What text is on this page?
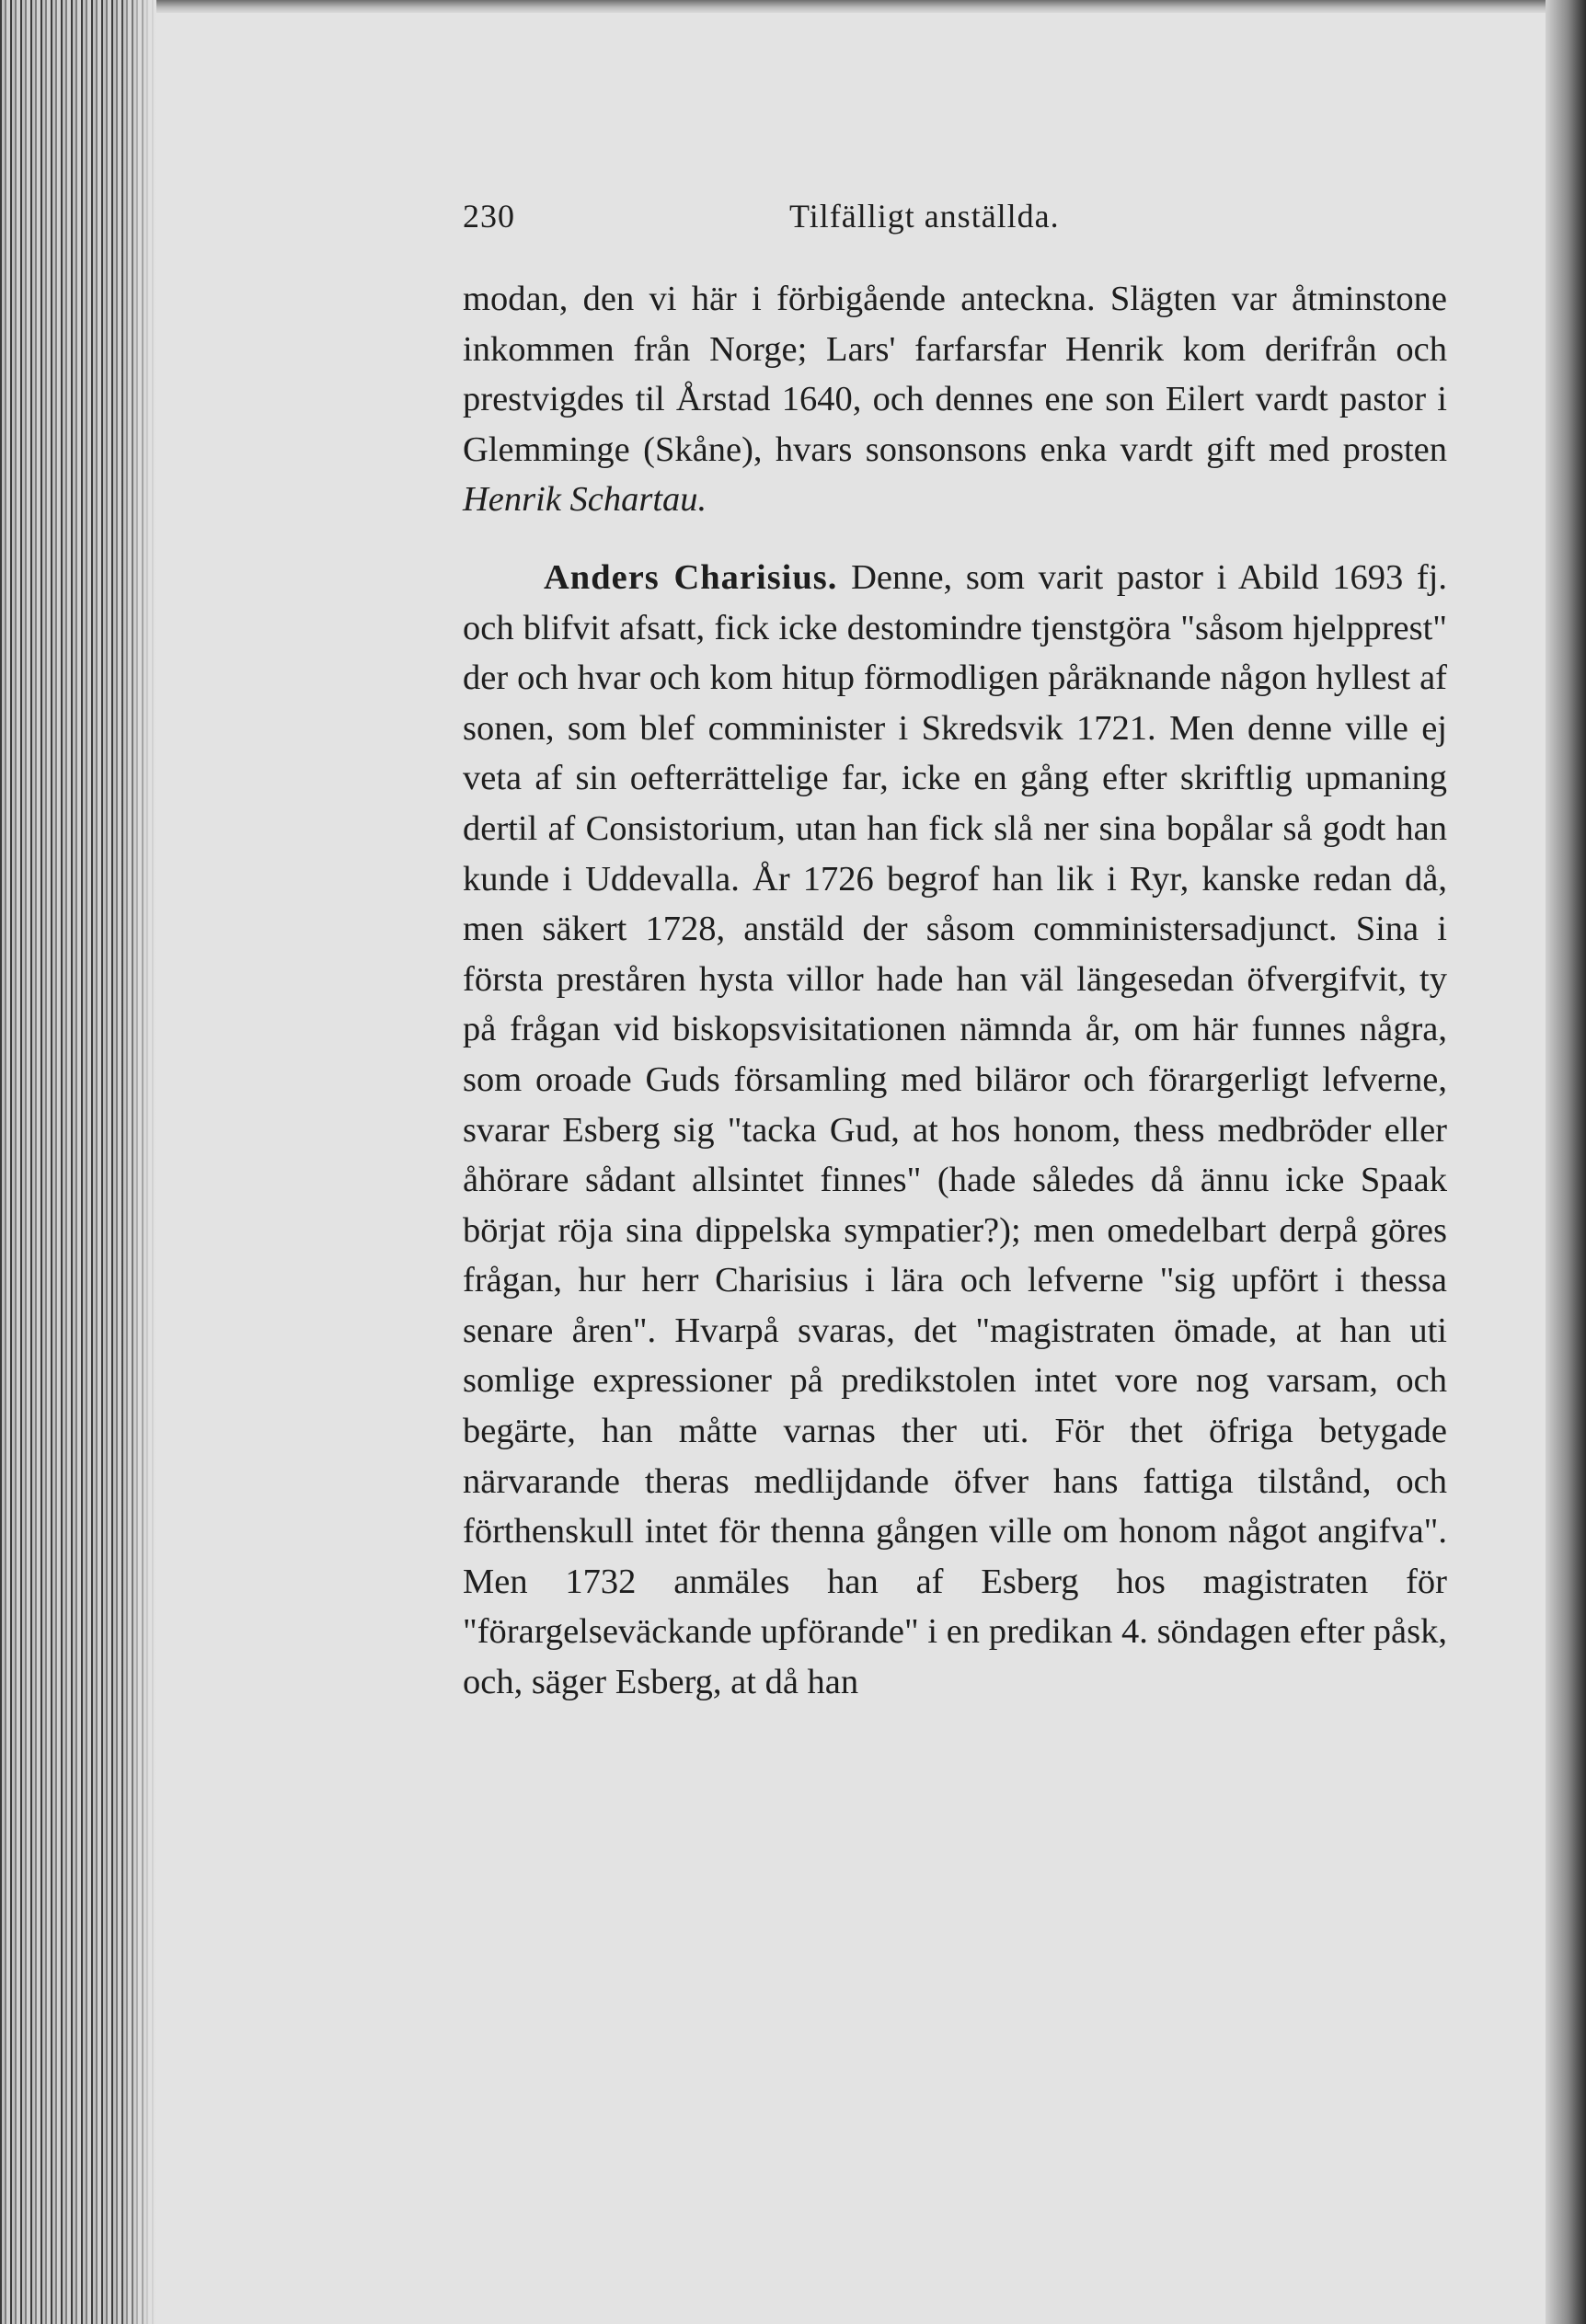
230	Tilfälligt anställda.

modan, den vi här i förbigående anteckna. Slägten var åtminstone inkommen från Norge; Lars' farfarsfar Henrik kom derifrån och prestvigdes til Årstad 1640, och dennes ene son Eilert vardt pastor i Glemminge (Skåne), hvars sonsonsons enka vardt gift med prosten Henrik Schartau.

Anders Charisius. Denne, som varit pastor i Abild 1693 fj. och blifvit afsatt, fick icke destomindre tjenstgöra "såsom hjelpprest" der och hvar och kom hitup förmodligen påräknande någon hyllest af sonen, som blef comminister i Skredsvik 1721. Men denne ville ej veta af sin oefterrättelige far, icke en gång efter skriftlig upmaning dertil af Consistorium, utan han fick slå ner sina bopålar så godt han kunde i Uddevalla. År 1726 begrof han lik i Ryr, kanske redan då, men säkert 1728, anstäld der såsom comministersadjunct. Sina i första preståren hysta villor hade han väl längesedan öfvergifvit, ty på frågan vid biskopsvisitationen nämnda år, om här funnes några, som oroade Guds församling med biläror och förargerligt lefverne, svarar Esberg sig "tacka Gud, at hos honom, thess medbröder eller åhörare sådant allsintet finnes" (hade således då ännu icke Spaak börjat röja sina dippelska sympatier?); men omedelbart derpå göres frågan, hur herr Charisius i lära och lefverne "sig upfört i thessa senare åren". Hvarpå svaras, det "magistraten ömade, at han uti somlige expressioner på predikstolen intet vore nog varsam, och begärte, han måtte varnas ther uti. För thet öfriga betygade närvarande theras medlijdande öfver hans fattiga tilstånd, och förthenskull intet för thenna gången ville om honom något angifva". Men 1732 anmäles han af Esberg hos magistraten för "förargelseväckande upförande" i en predikan 4. söndagen efter påsk, och, säger Esberg, at då han
